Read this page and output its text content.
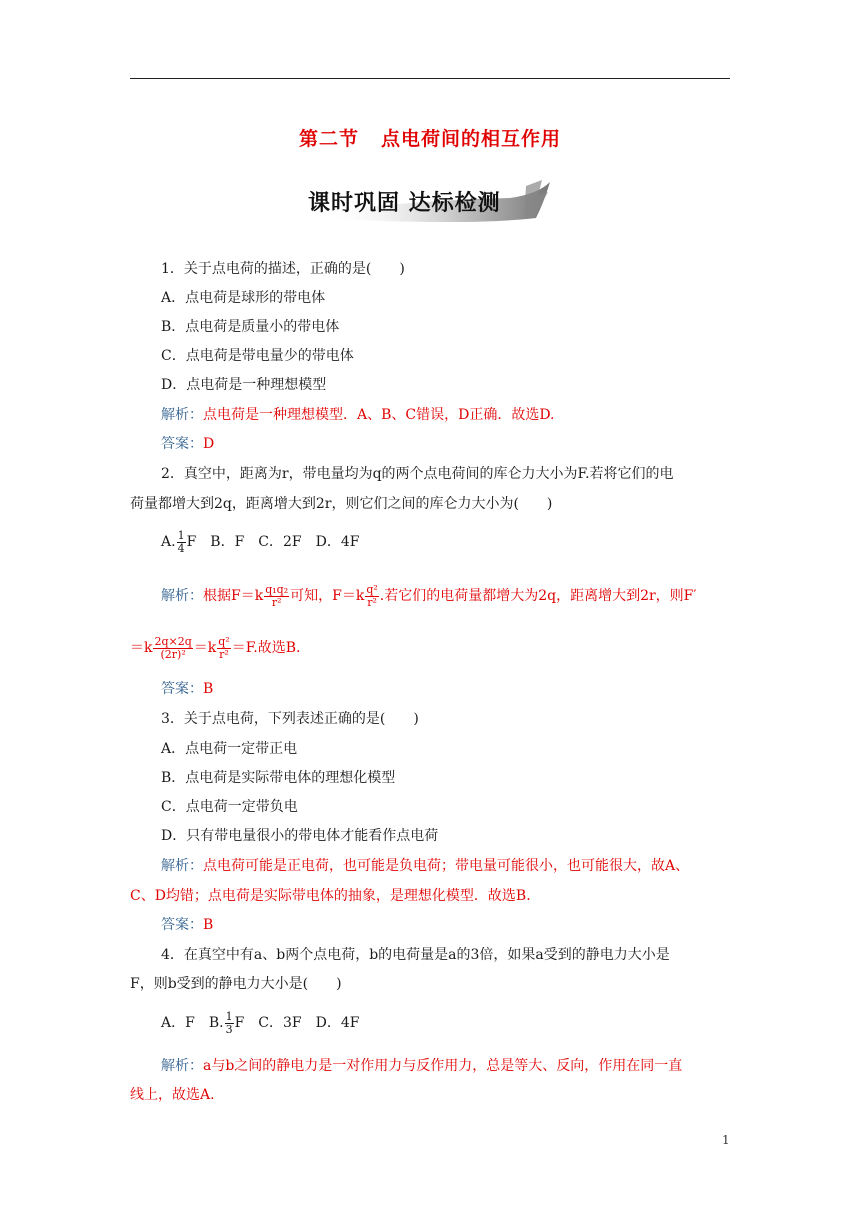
第二节 点电荷间的相互作用
课时巩固 达标检测
1．关于点电荷的描述，正确的是(　　)
A．点电荷是球形的带电体
B．点电荷是质量小的带电体
C．点电荷是带电量少的带电体
D．点电荷是一种理想模型
解析：点电荷是一种理想模型．A、B、C错误，D正确．故选D.
答案：D
2．真空中，距离为r，带电量均为q的两个点电荷间的库仑力大小为F.若将它们的电
荷量都增大到2q，距离增大到2r，则它们之间的库仑力大小为(　　)
A. $\frac{1}{4}$ F　B．F　C．2F　D．4F
解析：根据$F=k \frac{\text{q₁q₂}}{\text{r²}}$ 可知，$F=k \frac{\text{q²}}{\text{r²}}$ .若它们的电荷量都增大为2q，距离增大到2r，则F′
$=k \frac{2q\times 2q}{\text{(2r)²}} =k \frac{\text{q²}}{\text{r²}} =F$.故选B.
答案：B
3．关于点电荷，下列表述正确的是(　　)
A．点电荷一定带正电
B．点电荷是实际带电体的理想化模型
C．点电荷一定带负电
D．只有带电量很小的带电体才能看作点电荷
解析：点电荷可能是正电荷，也可能是负电荷；带电量可能很小，也可能很大，故A、
C、D均错；点电荷是实际带电体的抽象，是理想化模型．故选B.
答案：B
4．在真空中有a、b两个点电荷，b的电荷量是a的3倍，如果a受到的静电力大小是
F，则b受到的静电力大小是(　　)
A．F　B. $\frac{1}{3}$ F　C．3F　D．4F
解析：a与b之间的静电力是一对作用力与反作用力，总是等大、反向，作用在同一直
线上，故选A.
1
